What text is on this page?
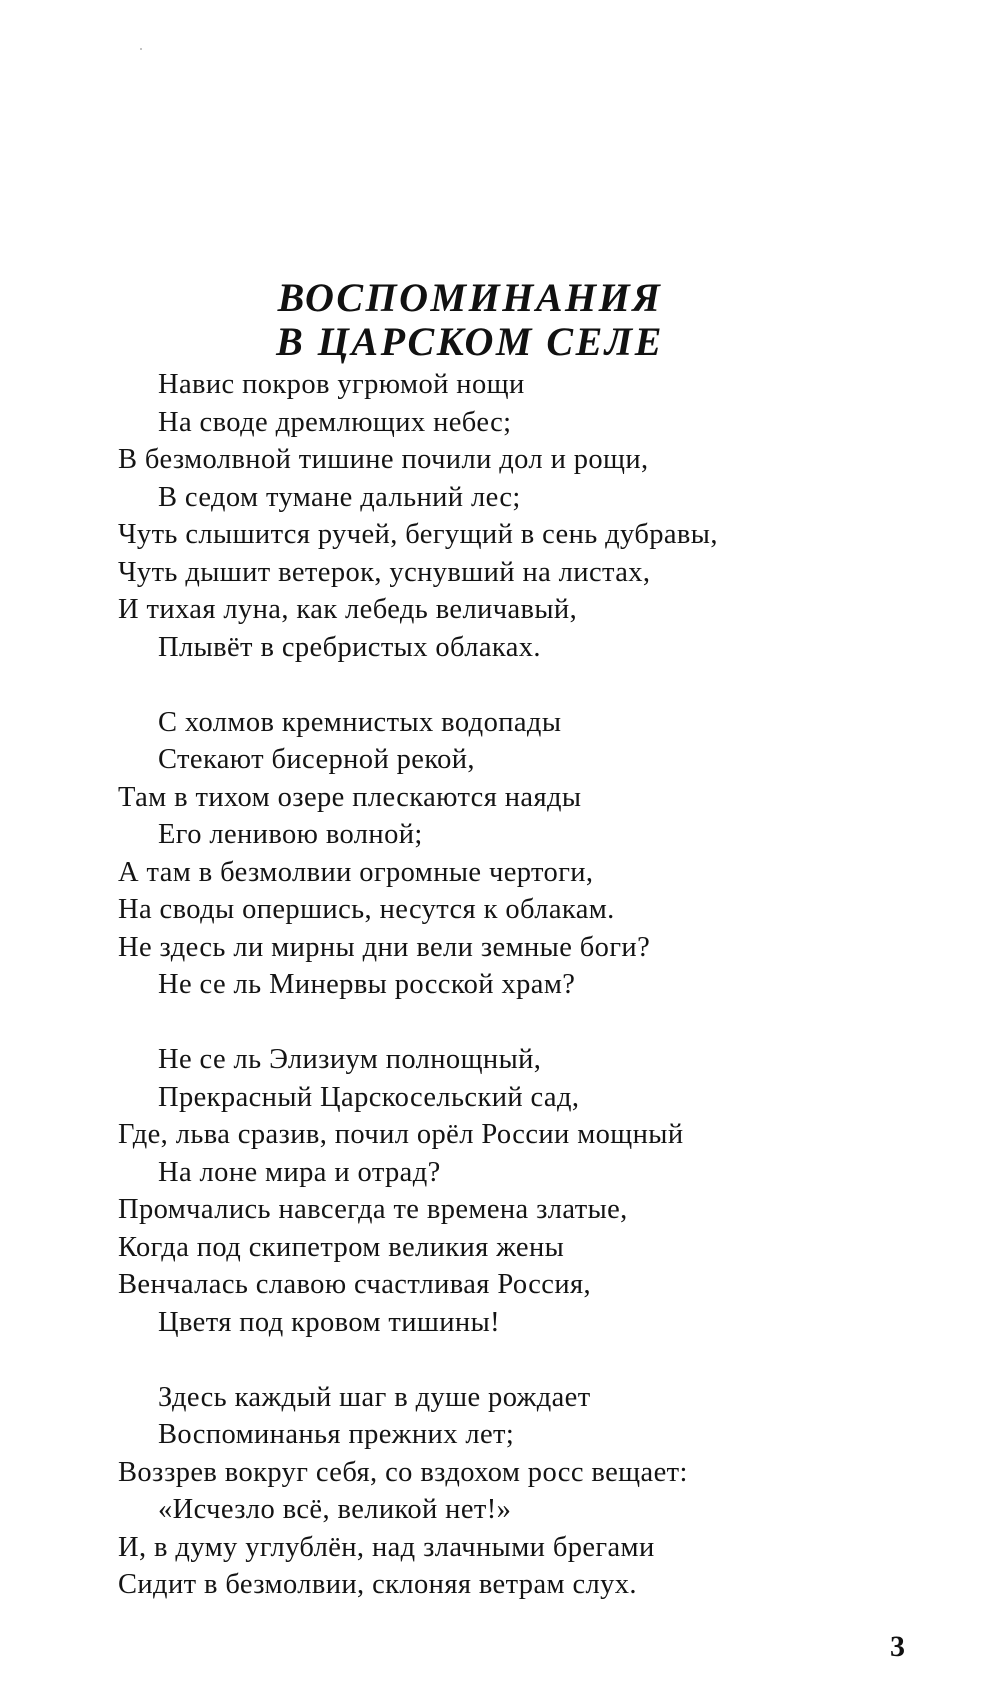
ВОСПОМИНАНИЯ
В ЦАРСКОМ СЕЛЕ
Навис покров угрюмой нощи
На своде дремлющих небес;
В безмолвной тишине почили дол и рощи,
В седом тумане дальний лес;
Чуть слышится ручей, бегущий в сень дубравы,
Чуть дышит ветерок, уснувший на листах,
И тихая луна, как лебедь величавый,
Плывёт в сребристых облаках.
С холмов кремнистых водопады
Стекают бисерной рекой,
Там в тихом озере плескаются наяды
Его ленивою волной;
А там в безмолвии огромные чертоги,
На своды опершись, несутся к облакам.
Не здесь ли мирны дни вели земные боги?
Не се ль Минервы росской храм?
Не се ль Элизиум полнощный,
Прекрасный Царскосельский сад,
Где, льва сразив, почил орёл России мощный
На лоне мира и отрад?
Промчались навсегда те времена златые,
Когда под скипетром великия жены
Венчалась славою счастливая Россия,
Цветя под кровом тишины!
Здесь каждый шаг в душе рождает
Воспоминанья прежних лет;
Воззрев вокруг себя, со вздохом росс вещает:
«Исчезло всё, великой нет!»
И, в думу углублён, над злачными брегами
Сидит в безмолвии, склоняя ветрам слух.
3
